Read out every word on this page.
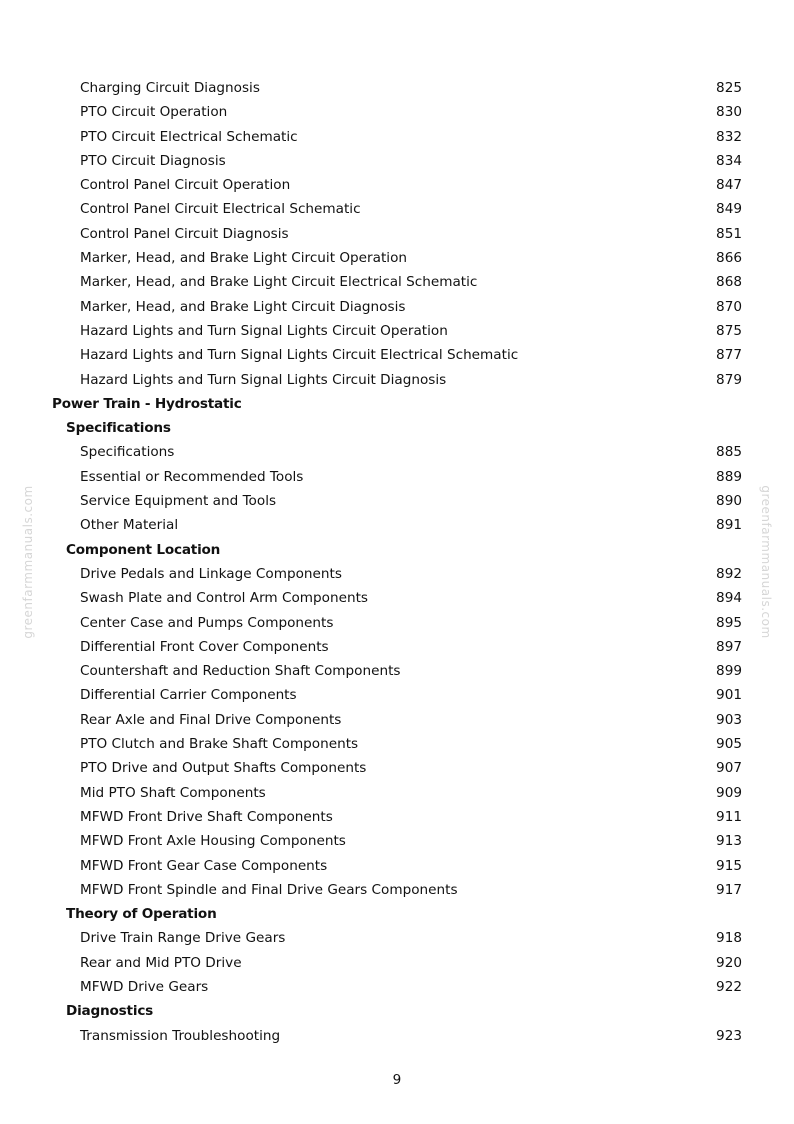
greenfarmmanuals.com	greenfarmmanuals.com
Charging Circuit Diagnosis	825
PTO Circuit Operation	830
PTO Circuit Electrical Schematic	832
PTO Circuit Diagnosis	834
Control Panel Circuit Operation	847
Control Panel Circuit Electrical Schematic	849
Control Panel Circuit Diagnosis	851
Marker, Head, and Brake Light Circuit Operation	866
Marker, Head, and Brake Light Circuit Electrical Schematic	868
Marker, Head, and Brake Light Circuit Diagnosis	870
Hazard Lights and Turn Signal Lights Circuit Operation	875
Hazard Lights and Turn Signal Lights Circuit Electrical Schematic	877
Hazard Lights and Turn Signal Lights Circuit Diagnosis	879
Power Train - Hydrostatic
Specifications
Specifications	885
Essential or Recommended Tools	889
Service Equipment and Tools	890
Other Material	891
Component Location
Drive Pedals and Linkage Components	892
Swash Plate and Control Arm Components	894
Center Case and Pumps Components	895
Differential Front Cover Components	897
Countershaft and Reduction Shaft Components	899
Differential Carrier Components	901
Rear Axle and Final Drive Components	903
PTO Clutch and Brake Shaft Components	905
PTO Drive and Output Shafts Components	907
Mid PTO Shaft Components	909
MFWD Front Drive Shaft Components	911
MFWD Front Axle Housing Components	913
MFWD Front Gear Case Components	915
MFWD Front Spindle and Final Drive Gears Components	917
Theory of Operation
Drive Train Range Drive Gears	918
Rear and Mid PTO Drive	920
MFWD Drive Gears	922
Diagnostics
Transmission Troubleshooting	923
9
